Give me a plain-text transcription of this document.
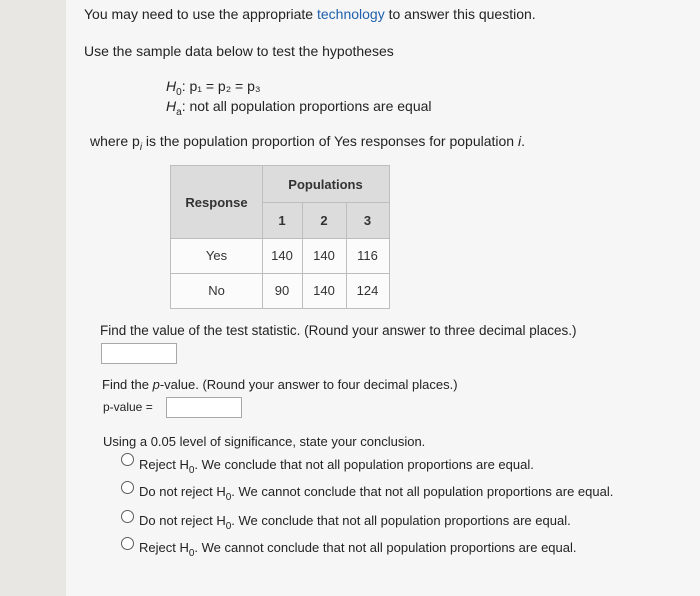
You may need to use the appropriate technology to answer this question.
Use the sample data below to test the hypotheses
$H_0$: p₁ = p₂ = p₃
$H_a$: not all population proportions are equal
where $p_i$ is the population proportion of Yes responses for population i.
Populations
Response
1	2	3
Yes	140	140	116
No	90	140	124
Find the value of the test statistic. (Round your answer to three decimal places.)
Find the p-value. (Round your answer to four decimal places.)
p-value =
Using a 0.05 level of significance, state your conclusion.
Reject $H_0$. We conclude that not all population proportions are equal.
Do not reject $H_0$. We cannot conclude that not all population proportions are equal.
Do not reject $H_0$. We conclude that not all population proportions are equal.
Reject $H_0$. We cannot conclude that not all population proportions are equal.
